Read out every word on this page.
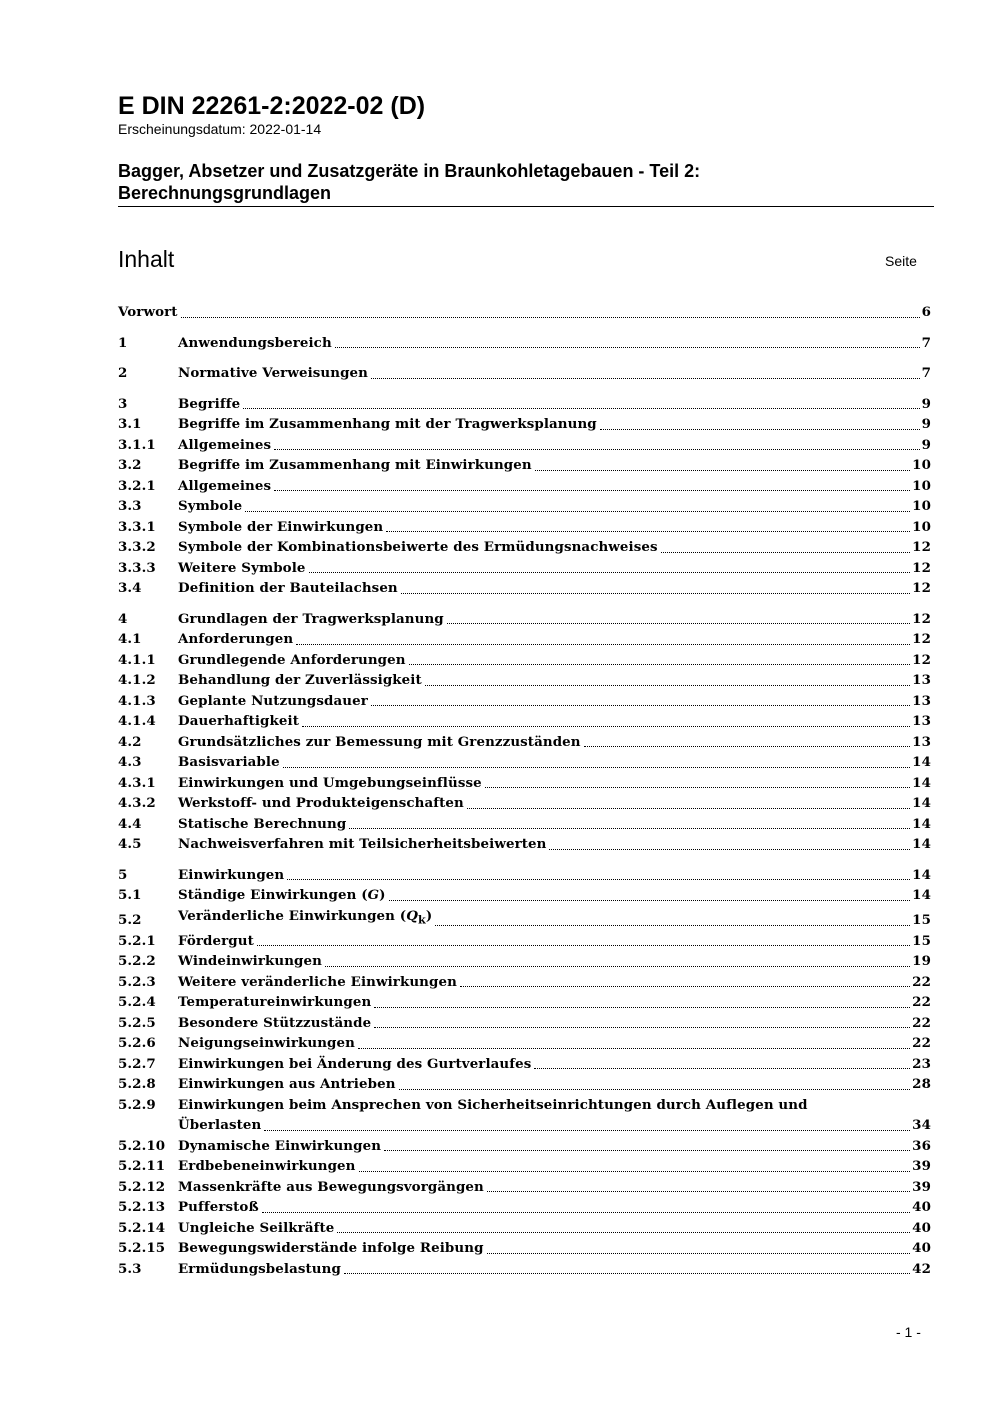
E DIN 22261-2:2022-02 (D)
Erscheinungsdatum: 2022-01-14
Bagger, Absetzer und Zusatzgeräte in Braunkohletagebauen - Teil 2: Berechnungsgrundlagen
Inhalt	Seite
Vorwort	6
1	Anwendungsbereich	7
2	Normative Verweisungen	7
3	Begriffe	9
3.1	Begriffe im Zusammenhang mit der Tragwerksplanung	9
3.1.1	Allgemeines	9
3.2	Begriffe im Zusammenhang mit Einwirkungen	10
3.2.1	Allgemeines	10
3.3	Symbole	10
3.3.1	Symbole der Einwirkungen	10
3.3.2	Symbole der Kombinationsbeiwerte des Ermüdungsnachweises	12
3.3.3	Weitere Symbole	12
3.4	Definition der Bauteilachsen	12
4	Grundlagen der Tragwerksplanung	12
4.1	Anforderungen	12
4.1.1	Grundlegende Anforderungen	12
4.1.2	Behandlung der Zuverlässigkeit	13
4.1.3	Geplante Nutzungsdauer	13
4.1.4	Dauerhaftigkeit	13
4.2	Grundsätzliches zur Bemessung mit Grenzzuständen	13
4.3	Basisvariable	14
4.3.1	Einwirkungen und Umgebungseinflüsse	14
4.3.2	Werkstoff- und Produkteigenschaften	14
4.4	Statische Berechnung	14
4.5	Nachweisverfahren mit Teilsicherheitsbeiwerten	14
5	Einwirkungen	14
5.1	Ständige Einwirkungen (G)	14
5.2	Veränderliche Einwirkungen $(Q_k)$	15
5.2.1	Fördergut	15
5.2.2	Windeinwirkungen	19
5.2.3	Weitere veränderliche Einwirkungen	22
5.2.4	Temperatureinwirkungen	22
5.2.5	Besondere Stützzustände	22
5.2.6	Neigungseinwirkungen	22
5.2.7	Einwirkungen bei Änderung des Gurtverlaufes	23
5.2.8	Einwirkungen aus Antrieben	28
5.2.9	Einwirkungen beim Ansprechen von Sicherheitseinrichtungen durch Auflegen und
Überlasten	34
5.2.10 Dynamische Einwirkungen	36
5.2.11 Erdbebeneinwirkungen	39
5.2.12 Massenkräfte aus Bewegungsvorgängen	39
5.2.13 Pufferstoß	40
5.2.14 Ungleiche Seilkräfte	40
5.2.15 Bewegungswiderstände infolge Reibung	40
5.3	Ermüdungsbelastung	42
- 1 -
